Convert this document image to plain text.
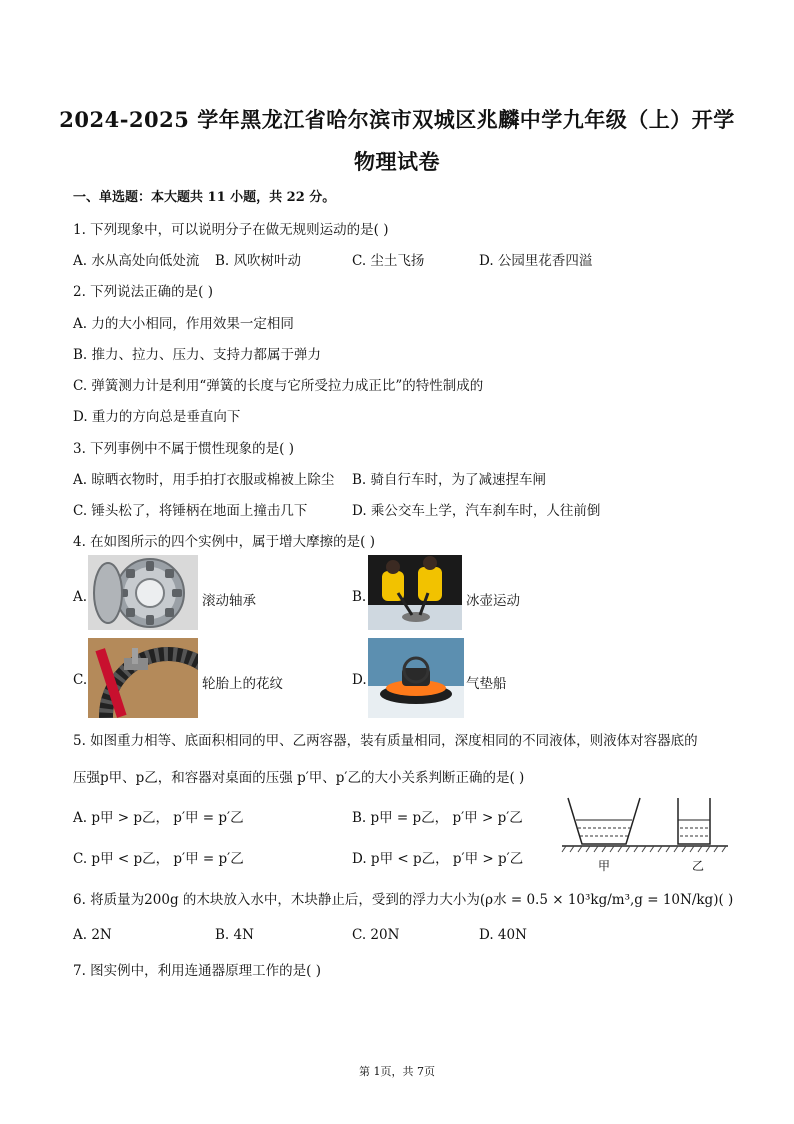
2024-2025 学年黑龙江省哈尔滨市双城区兆麟中学九年级（上）开学
物理试卷
一、单选题：本大题共 11 小题，共 22 分。
1. 下列现象中，可以说明分子在做无规则运动的是( )
A. 水从高处向低处流 B. 风吹树叶动	C. 尘土飞扬	D. 公园里花香四溢
2. 下列说法正确的是( )
A. 力的大小相同，作用效果一定相同
B. 推力、拉力、压力、支持力都属于弹力
C. 弹簧测力计是利用“弹簧的长度与它所受拉力成正比”的特性制成的
D. 重力的方向总是垂直向下
3. 下列事例中不属于惯性现象的是( )
A. 晾晒衣物时，用手拍打衣服或棉被上除尘 B. 骑自行车时，为了减速捏车闸
C. 锤头松了，将锤柄在地面上撞击几下	D. 乘公交车上学，汽车刹车时，人往前倒
4. 在如图所示的四个实例中，属于增大摩擦的是( )
A.	滚动轴承	B.	冰壶运动
C.	轮胎上的花纹	D.	气垫船
5. 如图重力相等、底面积相同的甲、乙两容器，装有质量相同，深度相同的不同液体，则液体对容器底的
压强p甲、p乙，和容器对桌面的压强 p′甲、p′乙的大小关系判断正确的是( )
A. p甲 > p乙， p′甲 = p′乙	B. p甲 = p乙， p′甲 > p′乙
C. p甲 < p乙， p′甲 = p′乙	D. p甲 < p乙， p′甲 > p′乙	甲	乙
6. 将质量为200g 的木块放入水中，木块静止后，受到的浮力大小为(ρ水 = 0.5 × 10³kg/m³,g = 10N/kg)( )
A. 2N	B. 4N	C. 20N	D. 40N
7. 图实例中，利用连通器原理工作的是( )
第 1页，共 7页
